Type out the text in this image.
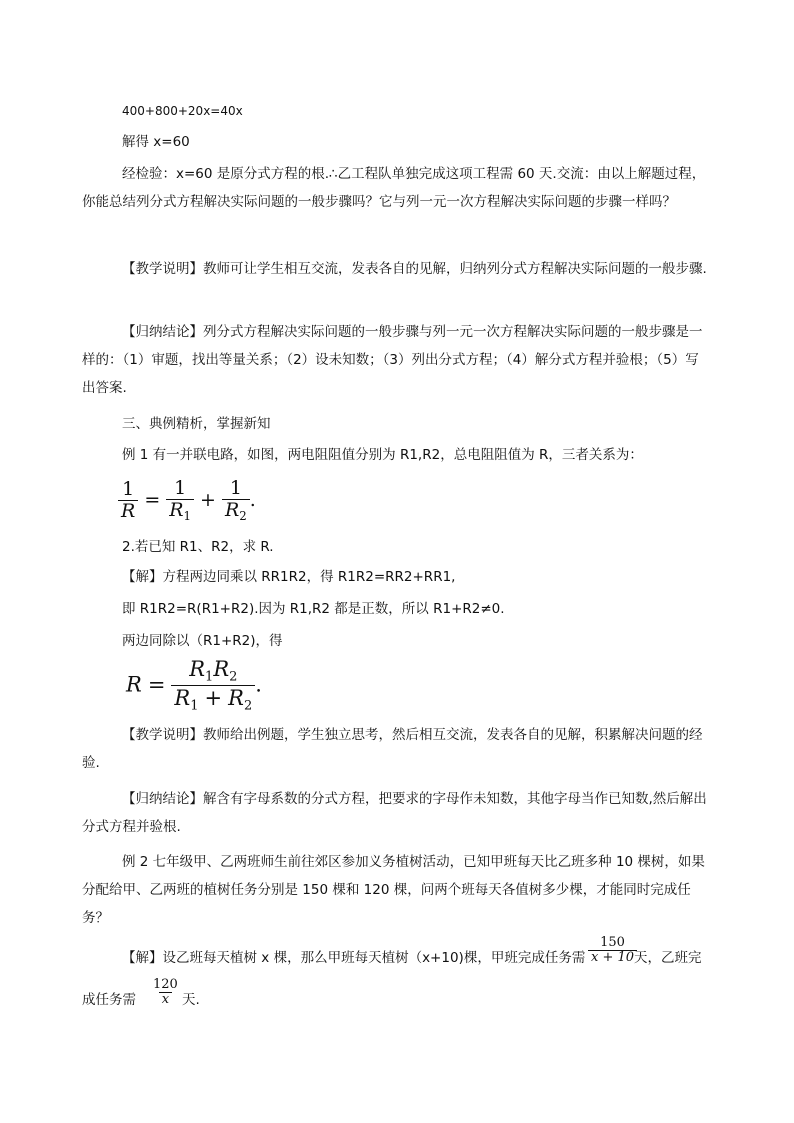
400+800+20x=40x

解得 x=60

经检验：x=60 是原分式方程的根.∴乙工程队单独完成这项工程需 60 天.交流：由以上解题过程，你能总结列分式方程解决实际问题的一般步骤吗？它与列一元一次方程解决实际问题的步骤一样吗？

【教学说明】教师可让学生相互交流，发表各自的见解，归纳列分式方程解决实际问题的一般步骤.

【归纳结论】列分式方程解决实际问题的一般步骤与列一元一次方程解决实际问题的一般步骤是一样的：（1）审题，找出等量关系；（2）设未知数；（3）列出分式方程；（4）解分式方程并验根；（5）写出答案.

三、典例精析，掌握新知

例 1 有一并联电路，如图，两电阻阻值分别为 R1,R2，总电阻阻值为 R，三者关系为：

$\frac{1}{R} = \frac{1}{R_1} + \frac{1}{R_2}$ .

2.若已知 R1、R2，求 R.

【解】方程两边同乘以 RR1R2，得 R1R2=RR2+RR1,

即 R1R2=R(R1+R2).因为 R1,R2 都是正数，所以 R1+R2≠0.

两边同除以（R1+R2)，得

$R = \frac{R_1R_2}{R_1 + R_2}$ .

【教学说明】教师给出例题，学生独立思考，然后相互交流，发表各自的见解，积累解决问题的经验.

【归纳结论】解含有字母系数的分式方程，把要求的字母作未知数，其他字母当作已知数,然后解出分式方程并验根.

例 2 七年级甲、乙两班师生前往郊区参加义务植树活动，已知甲班每天比乙班多种 10 棵树，如果分配给甲、乙两班的植树任务分别是 150 棵和 120 棵，问两个班每天各值树多少棵，才能同时完成任务？

【解】设乙班每天植树 x 棵，那么甲班每天植树（x+10)棵，甲班完成任务需 $\frac{150}{x + 10}$
天，乙班完
成任务需	$\frac{120}{x}$ 天.
